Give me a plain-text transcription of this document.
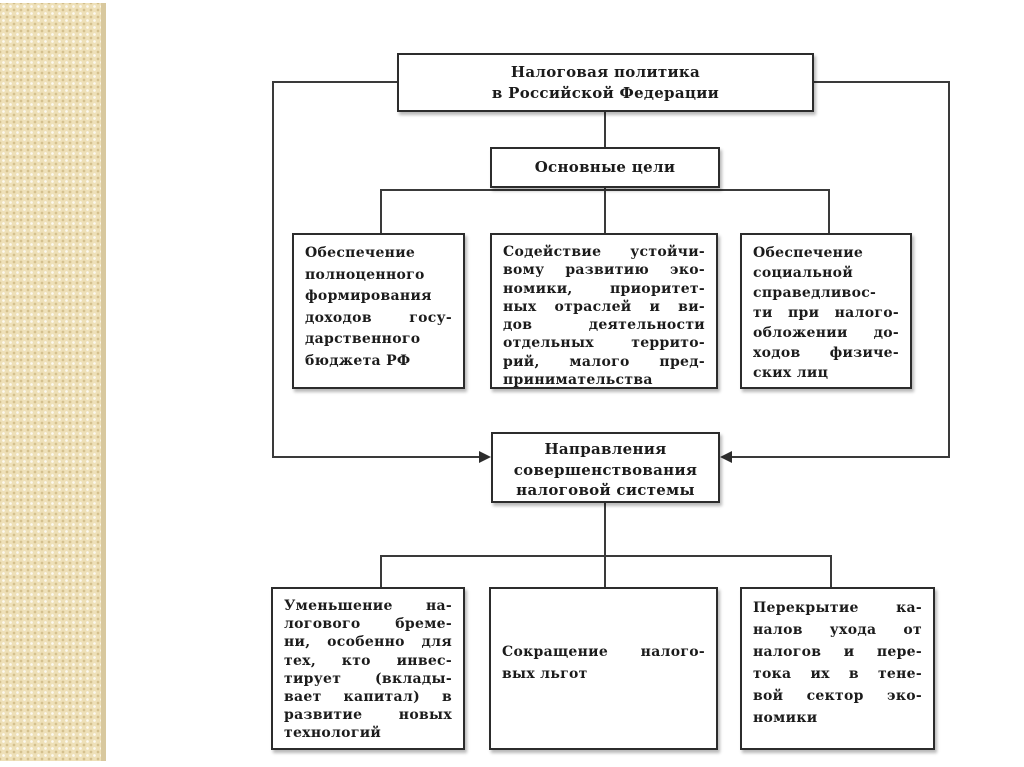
Налоговая политика
в Российской Федерации
Основные цели
Обеспечение
полноценного
формирования
доходов госу-
дарственного
бюджета РФ
Содействие устойчи-
вому развитию эко-
номики, приоритет-
ных отраслей и ви-
дов деятельности
отдельных террито-
рий, малого пред-
принимательства
Обеспечение
социальной
справедливос-
ти при налого-
обложении до-
ходов физиче-
ских лиц
Направления
совершенствования
налоговой системы
Уменьшение на-
логового бреме-
ни, особенно для
тех, кто инвес-
тирует (вклады-
вает капитал) в
развитие новых
технологий
Сокращение налого-
вых льгот
Перекрытие ка-
налов ухода от
налогов и пере-
тока их в тене-
вой сектор эко-
номики
